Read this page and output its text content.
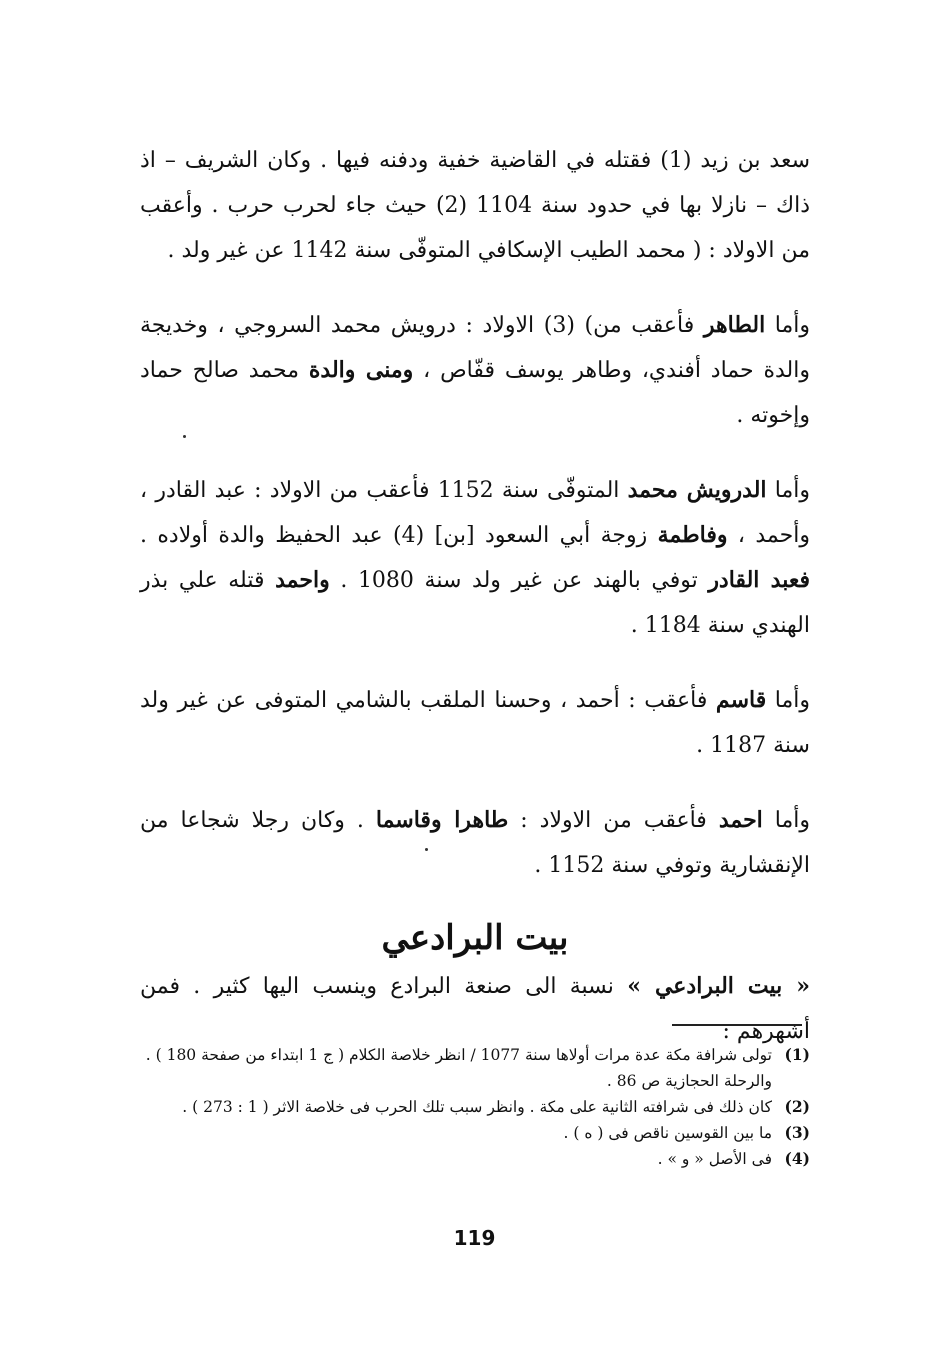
سعد بن زيد (1) فقتله في القاضية خفية ودفنه فيها . وكان الشريف – اذ ذاك – نازلا بها في حدود سنة 1104 (2) حيث جاء لحرب حرب . وأعقب من الاولاد : ( محمد الطيب الإسكافي المتوفّى سنة 1142 عن غير ولد .

وأما الطاهر فأعقب من) (3) الاولاد : درويش محمد السروجي ، وخديجة والدة حماد أفندي، وطاهر يوسف قفّاص ، ومنى والدة محمد صالح حماد وإخوته .

وأما الدرويش محمد المتوفّى سنة 1152 فأعقب من الاولاد : عبد القادر ، وأحمد ، وفاطمة زوجة أبي السعود [بن] (4) عبد الحفيظ والدة أولاده . فعبد القادر توفي بالهند عن غير ولد سنة 1080 . واحمد قتله علي بذر الهندي سنة 1184 .

وأما قاسم فأعقب : أحمد ، وحسنا الملقب بالشامي المتوفى عن غير ولد سنة 1187 .

وأما احمد فأعقب من الاولاد : طاهرا وقاسما . وكان رجلا شجاعا من الإنقشارية وتوفي سنة 1152 .

بيت البرادعي

« بيت البرادعي » نسبة الى صنعة البرادع وينسب اليها كثير . فمن أشهرهم :

(1)
تولى شرافة مكة عدة مرات أولاها سنة 1077 / انظر خلاصة الكلام ( ج 1 ابتداء من صفحة 180 ) . والرحلة الحجازية ص 86 .
(2)
كان ذلك فى شرافته الثانية على مكة . وانظر سبب تلك الحرب فى خلاصة الاثر ( 1 : 273 ) .
(3)
ما بين القوسين ناقص فى ( ه ) .
(4)
فى الأصل « و » .
119
